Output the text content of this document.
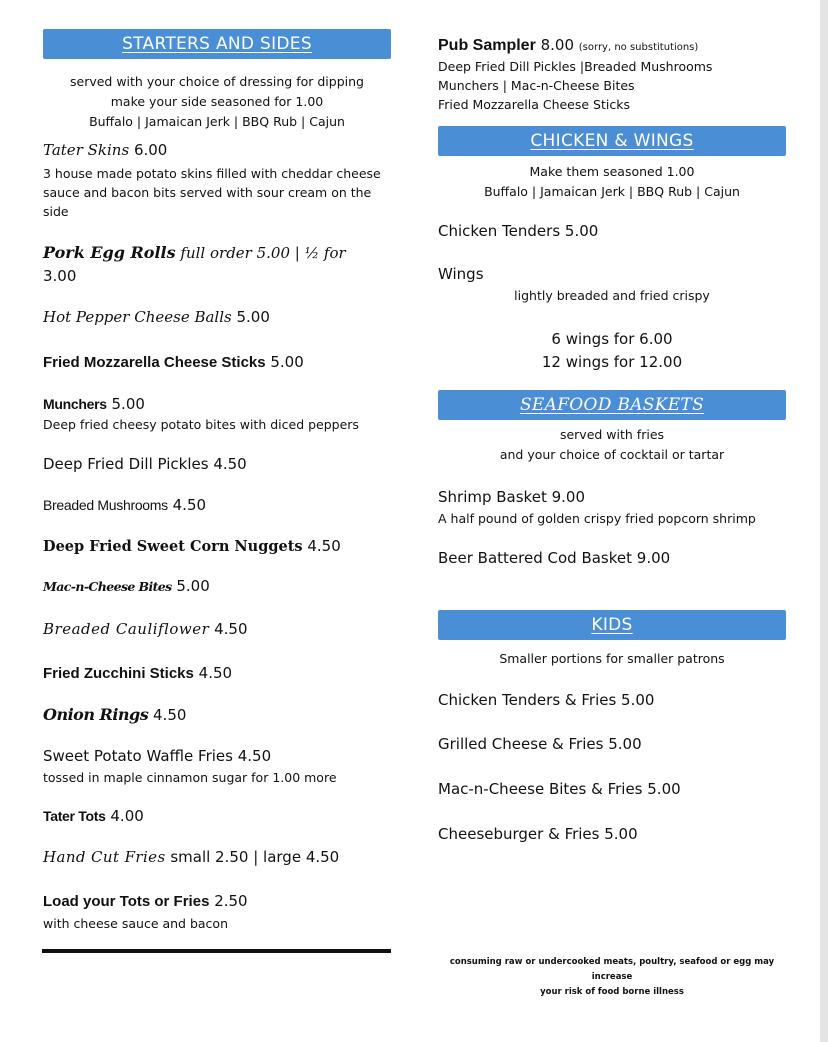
STARTERS AND SIDES
served with your choice of dressing for dipping
make your side seasoned for 1.00
Buffalo | Jamaican Jerk | BBQ Rub | Cajun
Tater Skins 6.00
3 house made potato skins filled with cheddar cheese
sauce and bacon bits served with sour cream on the
side
Pork Egg Rolls full order 5.00 | ½ for
3.00
Hot Pepper Cheese Balls 5.00
Fried Mozzarella Cheese Sticks 5.00
Munchers 5.00
Deep fried cheesy potato bites with diced peppers
Deep Fried Dill Pickles 4.50
Breaded Mushrooms 4.50
Deep Fried Sweet Corn Nuggets 4.50
Mac-n-Cheese Bites 5.00
Breaded Cauliflower 4.50
Fried Zucchini Sticks 4.50
Onion Rings 4.50
Sweet Potato Waffle Fries 4.50
tossed in maple cinnamon sugar for 1.00 more
Tater Tots 4.00
Hand Cut Fries small 2.50 | large 4.50
Load your Tots or Fries 2.50
with cheese sauce and bacon
Pub Sampler 8.00 (sorry, no substitutions)
Deep Fried Dill Pickles |Breaded Mushrooms
Munchers | Mac-n-Cheese Bites
Fried Mozzarella Cheese Sticks
CHICKEN & WINGS
Make them seasoned 1.00
Buffalo | Jamaican Jerk | BBQ Rub | Cajun
Chicken Tenders 5.00
Wings
lightly breaded and fried crispy
6 wings for 6.00
12 wings for 12.00
SEAFOOD BASKETS
served with fries
and your choice of cocktail or tartar
Shrimp Basket 9.00
A half pound of golden crispy fried popcorn shrimp
Beer Battered Cod Basket 9.00
KIDS
Smaller portions for smaller patrons
Chicken Tenders & Fries 5.00
Grilled Cheese & Fries 5.00
Mac-n-Cheese Bites & Fries 5.00
Cheeseburger & Fries 5.00
consuming raw or undercooked meats, poultry, seafood or egg may increase
your risk of food borne illness
